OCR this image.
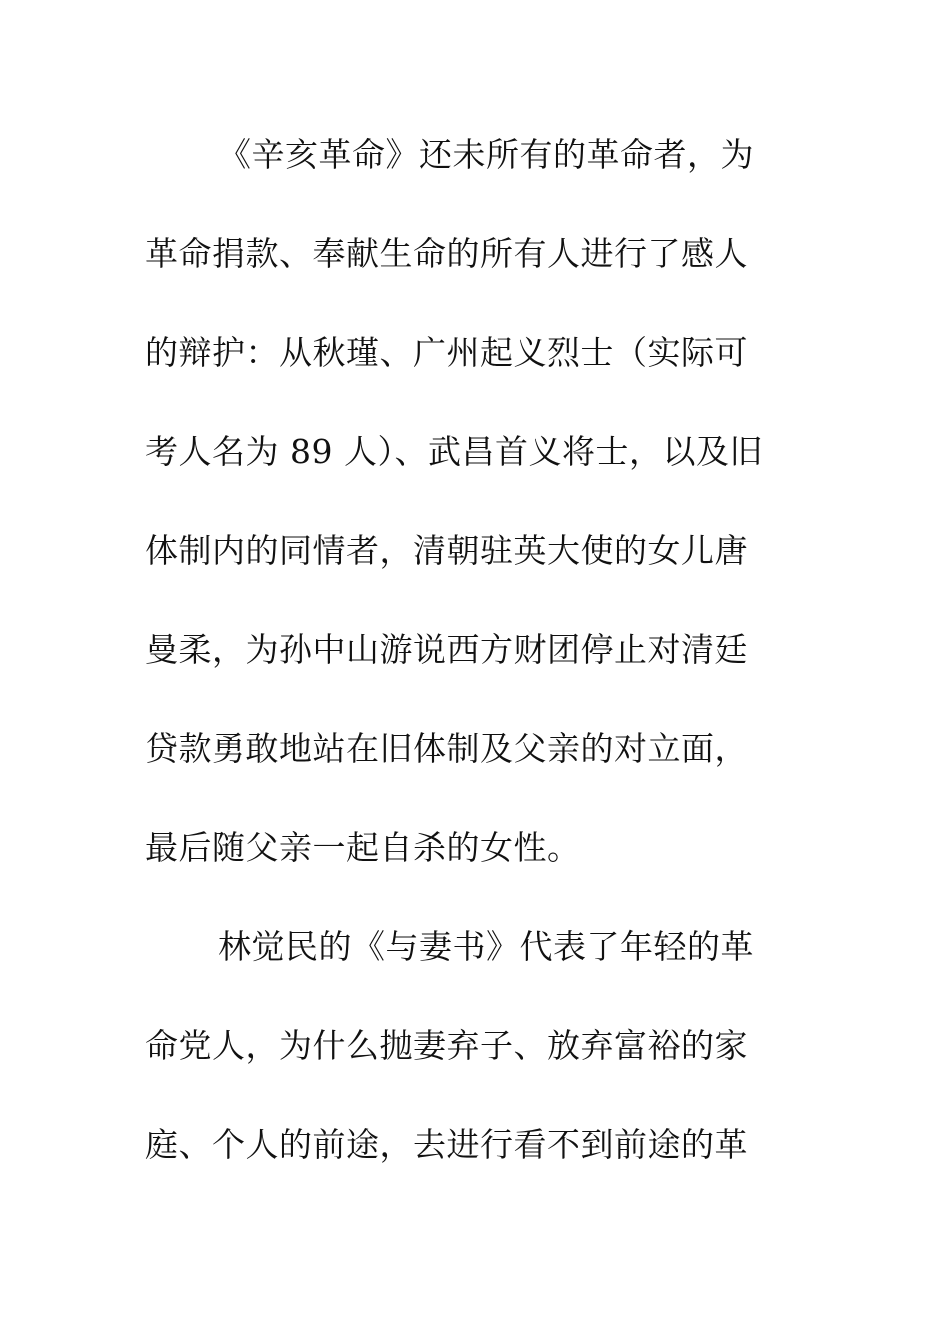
《辛亥革命》还未所有的革命者，为
革命捐款、奉献生命的所有人进行了感人
的辩护：从秋瑾、广州起义烈士（实际可
考人名为 89 人）、武昌首义将士，以及旧
体制内的同情者，清朝驻英大使的女儿唐
曼柔，为孙中山游说西方财团停止对清廷
贷款勇敢地站在旧体制及父亲的对立面，
最后随父亲一起自杀的女性。
林觉民的《与妻书》代表了年轻的革
命党人，为什么抛妻弃子、放弃富裕的家
庭、个人的前途，去进行看不到前途的革
